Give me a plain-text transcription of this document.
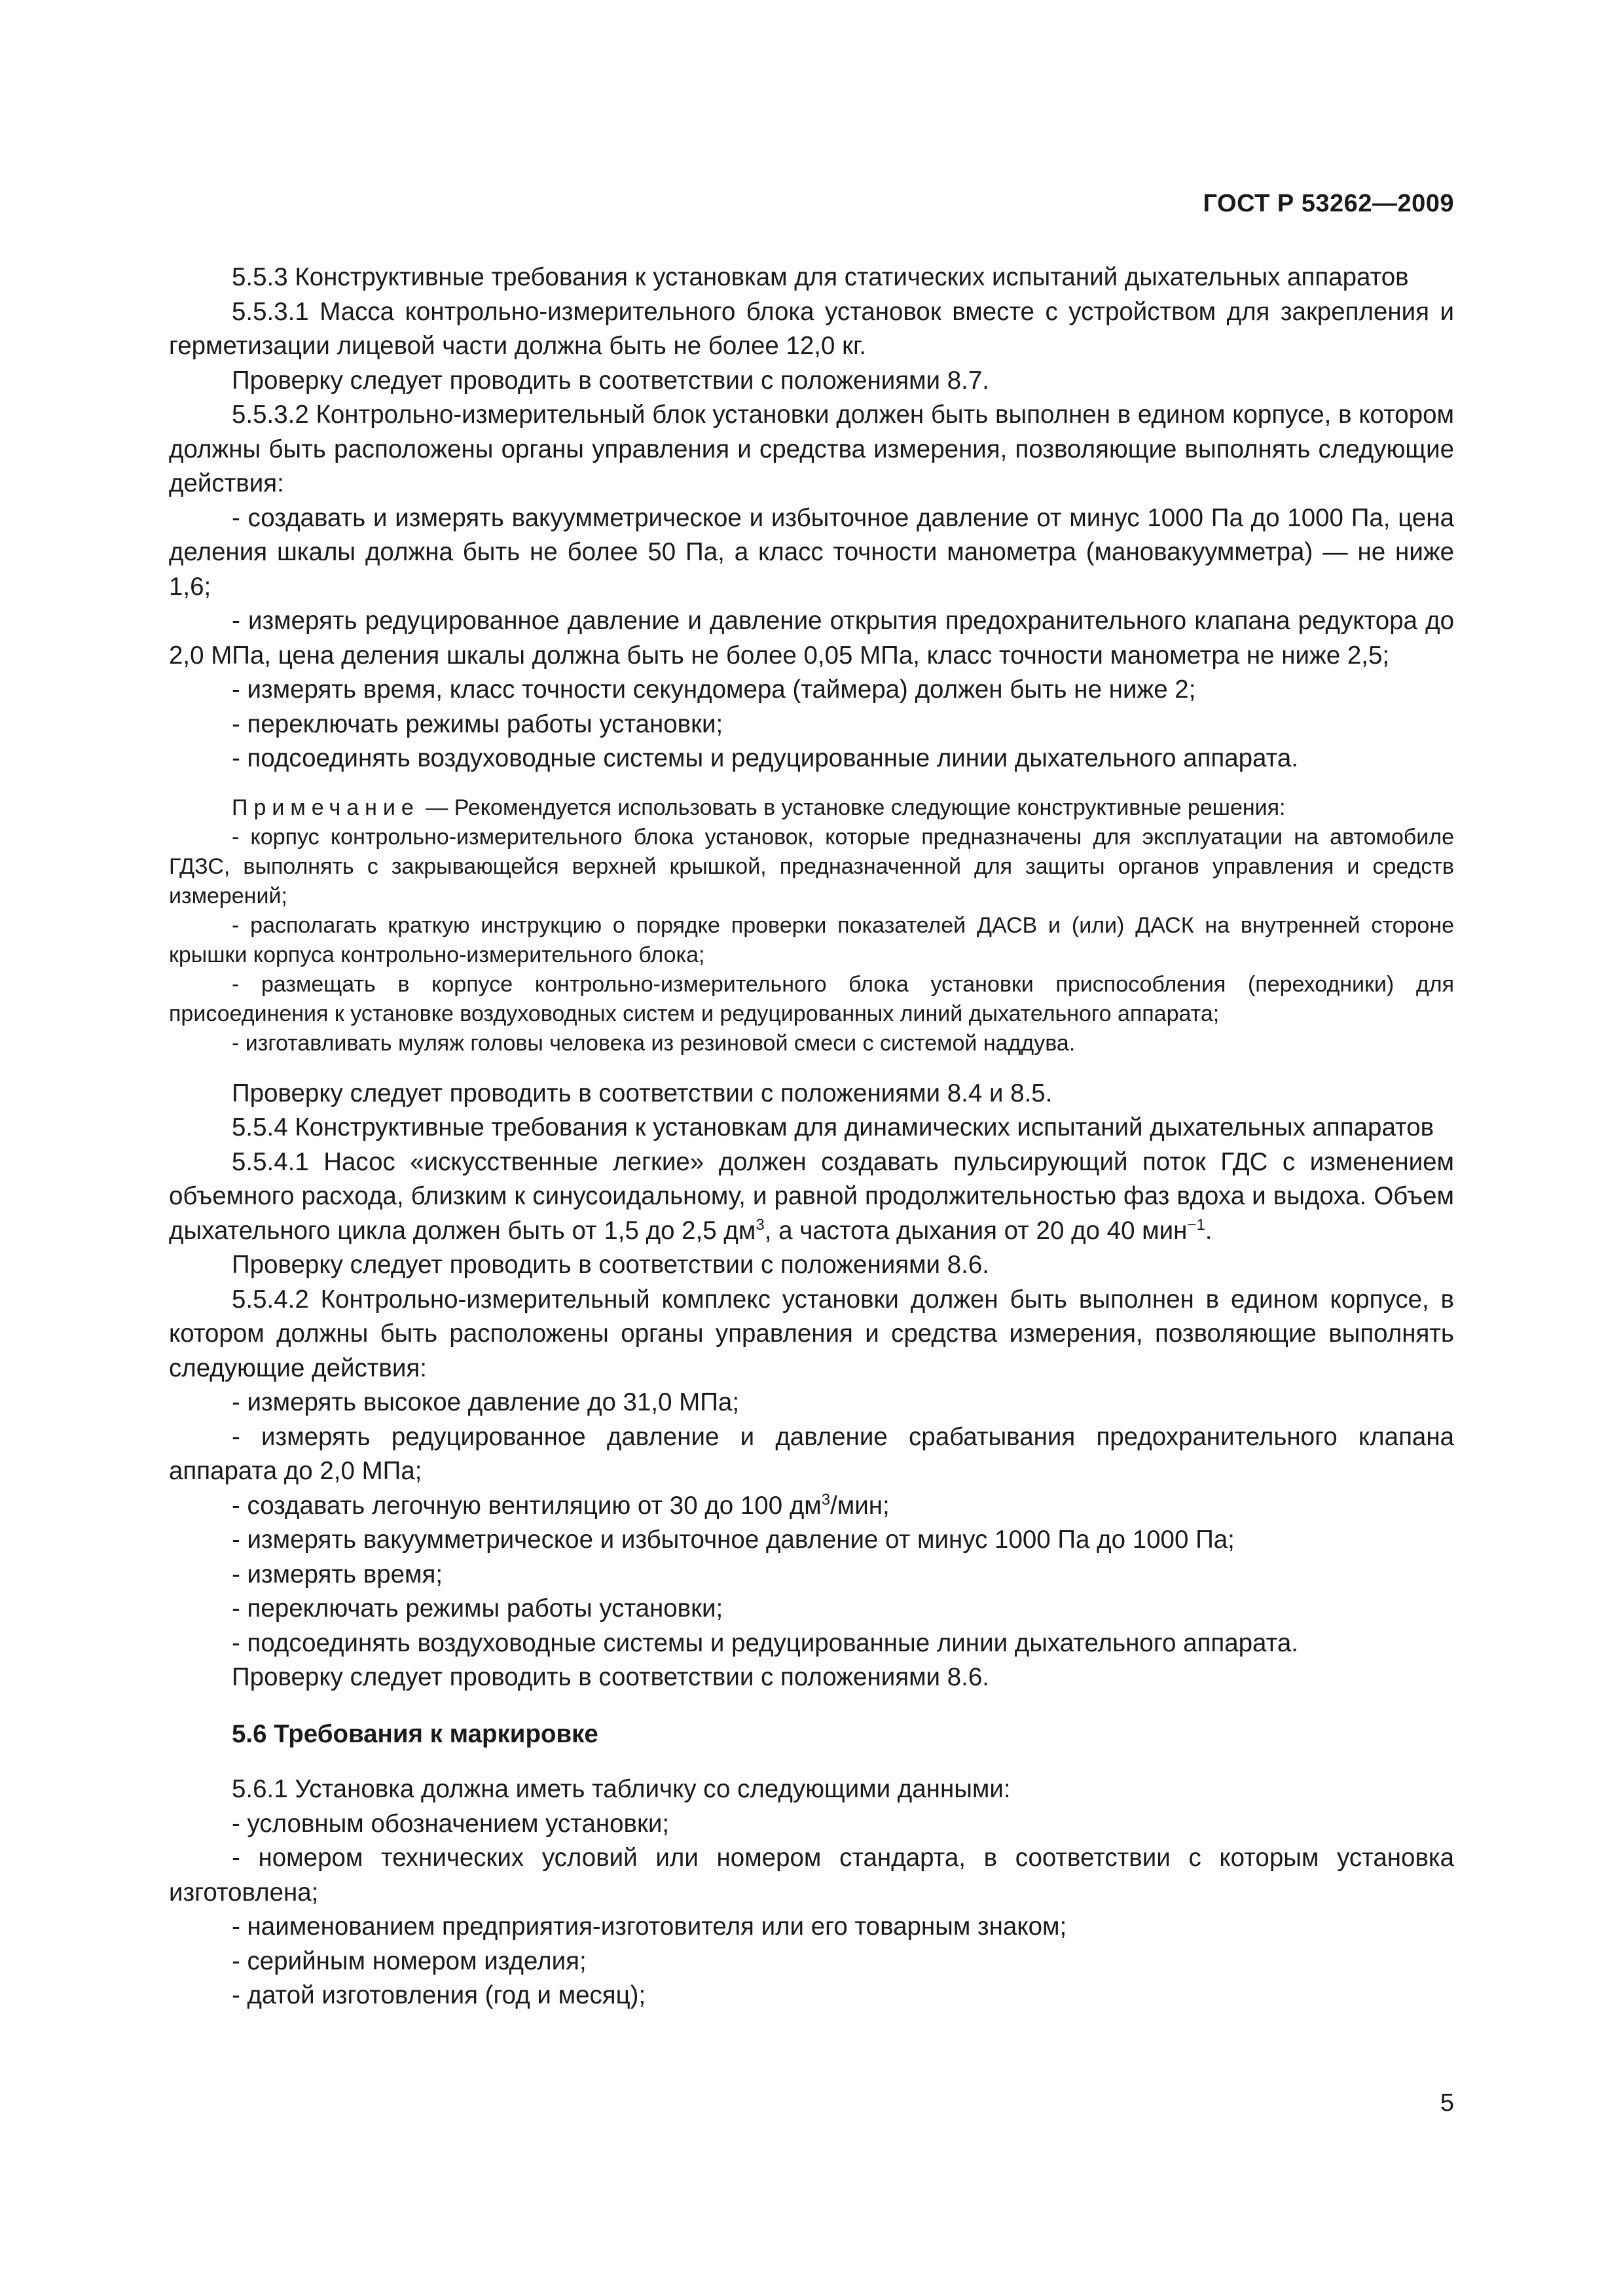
ГОСТ Р 53262—2009

5.5.3 Конструктивные требования к установкам для статических испытаний дыхательных аппаратов

5.5.3.1 Масса контрольно-измерительного блока установок вместе с устройством для закрепления и герметизации лицевой части должна быть не более 12,0 кг.

Проверку следует проводить в соответствии с положениями 8.7.

5.5.3.2 Контрольно-измерительный блок установки должен быть выполнен в едином корпусе, в котором должны быть расположены органы управления и средства измерения, позволяющие выполнять следующие действия:

- создавать и измерять вакуумметрическое и избыточное давление от минус 1000 Па до 1000 Па, цена деления шкалы должна быть не более 50 Па, а класс точности манометра (мановакуумметра) — не ниже 1,6;

- измерять редуцированное давление и давление открытия предохранительного клапана редуктора до 2,0 МПа, цена деления шкалы должна быть не более 0,05 МПа, класс точности манометра не ниже 2,5;

- измерять время, класс точности секундомера (таймера) должен быть не ниже 2;

- переключать режимы работы установки;

- подсоединять воздуховодные системы и редуцированные линии дыхательного аппарата.

Примечание — Рекомендуется использовать в установке следующие конструктивные решения:

- корпус контрольно-измерительного блока установок, которые предназначены для эксплуатации на автомобиле ГДЗС, выполнять с закрывающейся верхней крышкой, предназначенной для защиты органов управления и средств измерений;

- располагать краткую инструкцию о порядке проверки показателей ДАСВ и (или) ДАСК на внутренней стороне крышки корпуса контрольно-измерительного блока;

- размещать в корпусе контрольно-измерительного блока установки приспособления (переходники) для присоединения к установке воздуховодных систем и редуцированных линий дыхательного аппарата;

- изготавливать муляж головы человека из резиновой смеси с системой наддува.

Проверку следует проводить в соответствии с положениями 8.4 и 8.5.

5.5.4 Конструктивные требования к установкам для динамических испытаний дыхательных аппаратов

5.5.4.1 Насос «искусственные легкие» должен создавать пульсирующий поток ГДС с изменением объемного расхода, близким к синусоидальному, и равной продолжительностью фаз вдоха и выдоха. Объем дыхательного цикла должен быть от 1,5 до 2,5 $дм^3$, а частота дыхания от 20 до 40 мин$^{-1}$.

Проверку следует проводить в соответствии с положениями 8.6.

5.5.4.2 Контрольно-измерительный комплекс установки должен быть выполнен в едином корпусе, в котором должны быть расположены органы управления и средства измерения, позволяющие выполнять следующие действия:

- измерять высокое давление до 31,0 МПа;

- измерять редуцированное давление и давление срабатывания предохранительного клапана аппарата до 2,0 МПа;

- создавать легочную вентиляцию от 30 до 100 $дм^3$/мин;

- измерять вакуумметрическое и избыточное давление от минус 1000 Па до 1000 Па;

- измерять время;

- переключать режимы работы установки;

- подсоединять воздуховодные системы и редуцированные линии дыхательного аппарата.

Проверку следует проводить в соответствии с положениями 8.6.

5.6 Требования к маркировке

5.6.1 Установка должна иметь табличку со следующими данными:

- условным обозначением установки;

- номером технических условий или номером стандарта, в соответствии с которым установка изготовлена;

- наименованием предприятия-изготовителя или его товарным знаком;

- серийным номером изделия;

- датой изготовления (год и месяц);

5
